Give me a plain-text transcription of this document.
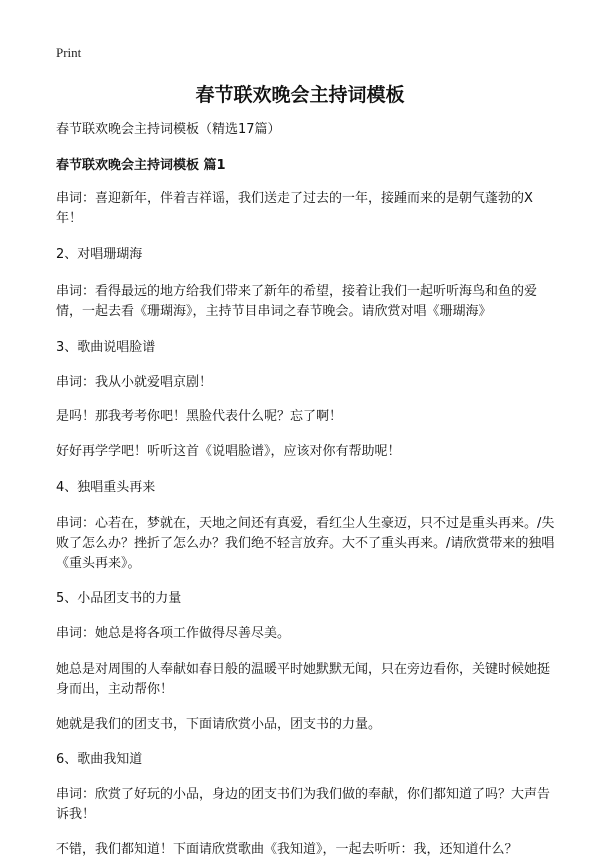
Print
春节联欢晚会主持词模板

春节联欢晚会主持词模板（精选17篇）

春节联欢晚会主持词模板 篇1

串词：喜迎新年，伴着吉祥谣，我们送走了过去的一年，接踵而来的是朝气蓬勃的X年！

2、对唱珊瑚海

串词：看得最远的地方给我们带来了新年的希望，接着让我们一起听听海鸟和鱼的爱情，一起去看《珊瑚海》，主持节目串词之春节晚会。请欣赏对唱《珊瑚海》

3、歌曲说唱脸谱

串词：我从小就爱唱京剧！

是吗！那我考考你吧！黑脸代表什么呢？忘了啊！

好好再学学吧！听听这首《说唱脸谱》，应该对你有帮助呢！

4、独唱重头再来

串词：心若在，梦就在，天地之间还有真爱，看红尘人生豪迈，只不过是重头再来。/失败了怎么办？挫折了怎么办？我们绝不轻言放弃。大不了重头再来。/请欣赏带来的独唱《重头再来》。

5、小品团支书的力量

串词：她总是将各项工作做得尽善尽美。

她总是对周围的人奉献如春日般的温暖平时她默默无闻，只在旁边看你，关键时候她挺身而出，主动帮你！

她就是我们的团支书，下面请欣赏小品，团支书的力量。

6、歌曲我知道

串词：欣赏了好玩的小品，身边的团支书们为我们做的奉献，你们都知道了吗？大声告诉我！

不错，我们都知道！下面请欣赏歌曲《我知道》，一起去听听：我，还知道什么？
